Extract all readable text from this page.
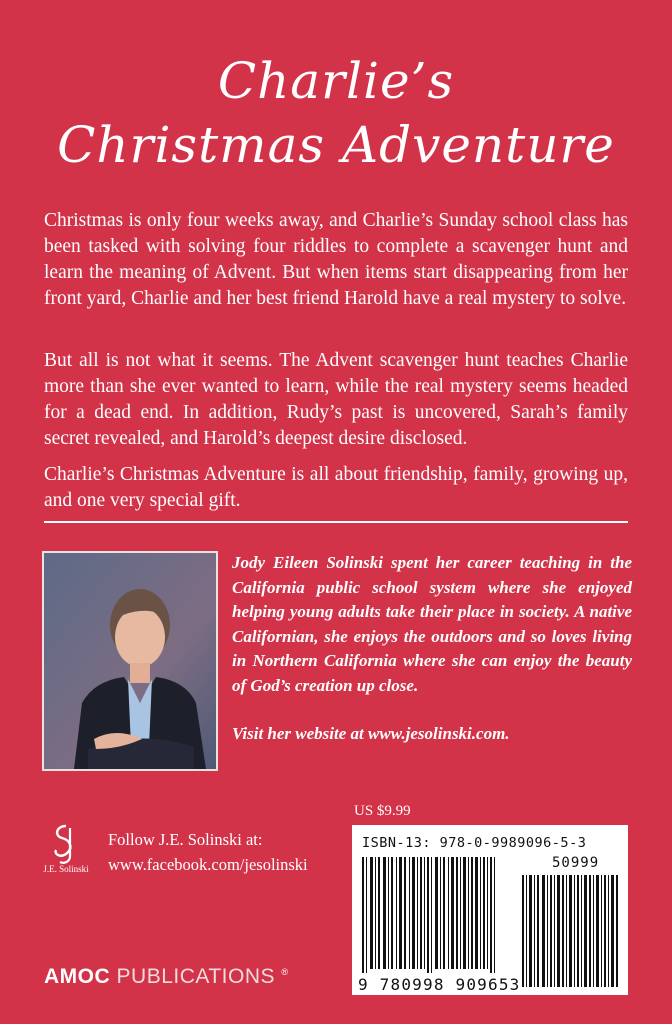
Charlie’s
Christmas Adventure

Christmas is only four weeks away, and Charlie’s Sunday school class has been tasked with solving four riddles to complete a scavenger hunt and learn the meaning of Advent. But when items start disappearing from her front yard, Charlie and her best friend Harold have a real mystery to solve.

But all is not what it seems. The Advent scavenger hunt teaches Charlie more than she ever wanted to learn, while the real mystery seems headed for a dead end. In addition, Rudy’s past is uncovered, Sarah’s family secret revealed, and Harold’s deepest desire disclosed.

Charlie’s Christmas Adventure is all about friendship, family, growing up, and one very special gift.

Jody Eileen Solinski spent her career teaching in the California public school system where she enjoyed helping young adults take their place in society. A native Californian, she enjoys the outdoors and so loves living in Northern California where she can enjoy the beauty of God’s creation up close.

Visit her website at www.jesolinski.com.
J.E. Solinski
Follow J.E. Solinski at:
www.facebook.com/jesolinski
US $9.99
ISBN-13: 978-0-9989096-5-3
50999
9 780998 909653
AMOC PUBLICATIONS ®
